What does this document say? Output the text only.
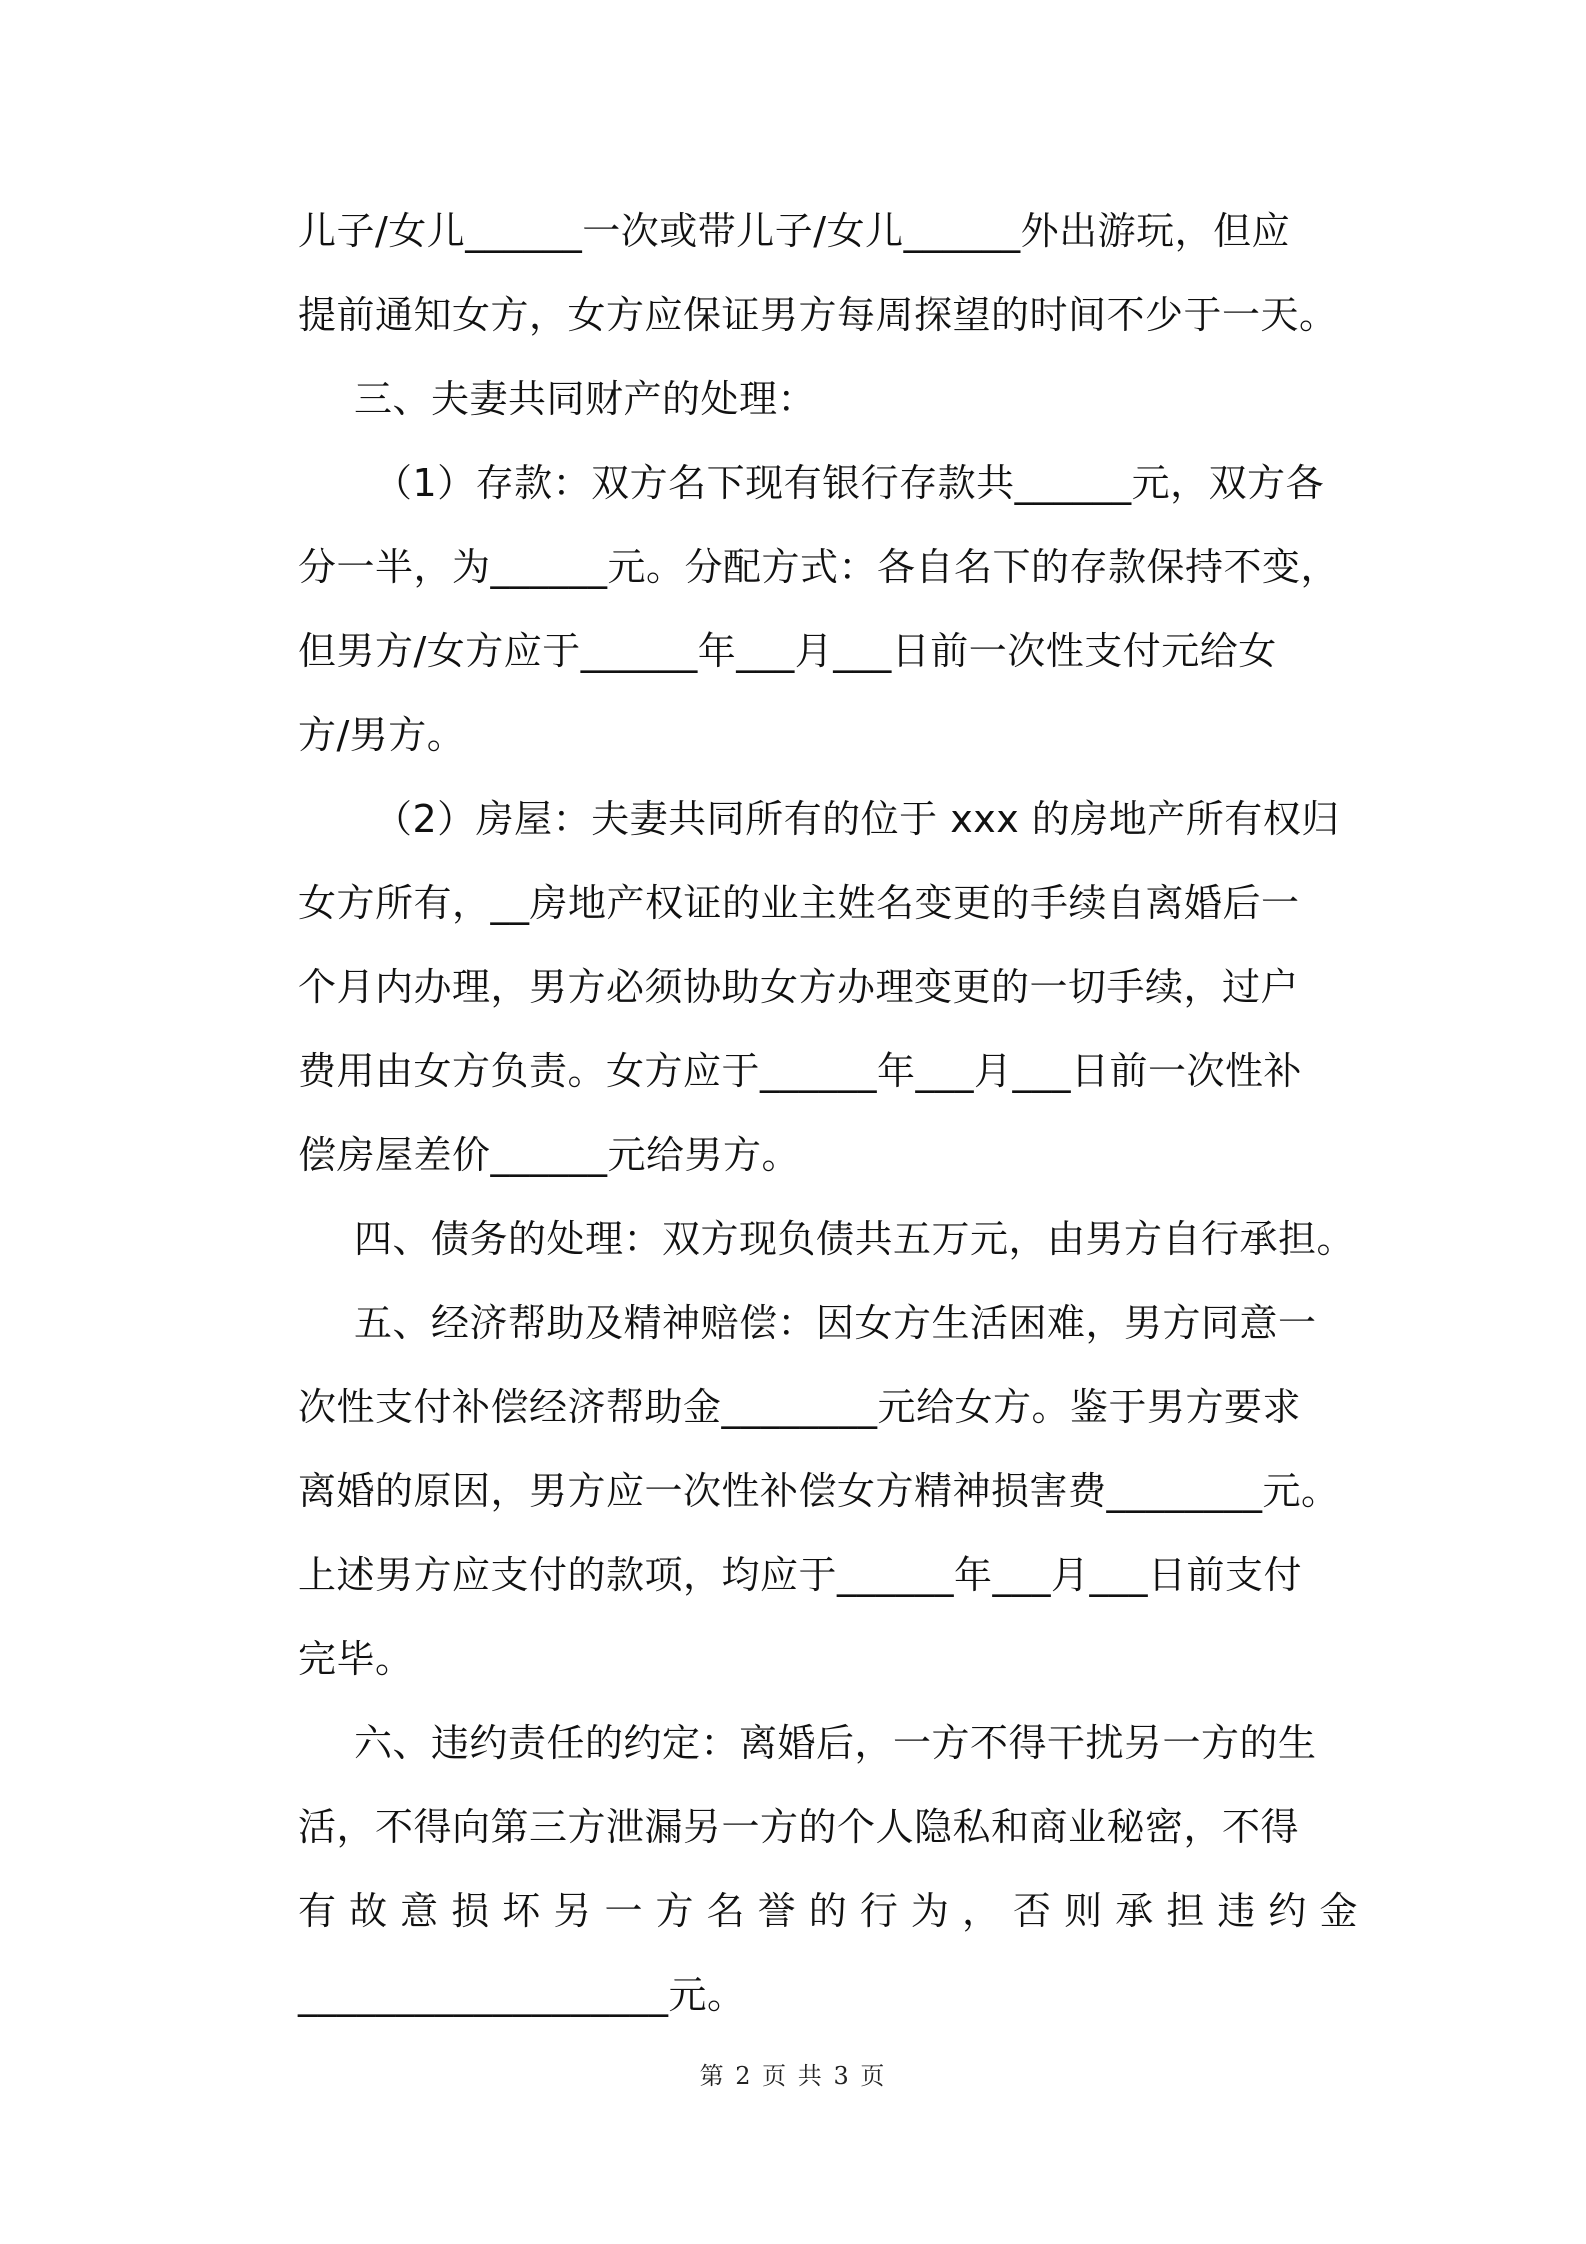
儿子/女儿______一次或带儿子/女儿______外出游玩，但应
提前通知女方，女方应保证男方每周探望的时间不少于一天。
三、夫妻共同财产的处理：
（1）存款：双方名下现有银行存款共______元，双方各
分一半，为______元。分配方式：各自名下的存款保持不变，
但男方/女方应于______年___月___日前一次性支付元给女
方/男方。
（2）房屋：夫妻共同所有的位于 xxx 的房地产所有权归
女方所有，__房地产权证的业主姓名变更的手续自离婚后一
个月内办理，男方必须协助女方办理变更的一切手续，过户
费用由女方负责。女方应于______年___月___日前一次性补
偿房屋差价______元给男方。
四、债务的处理：双方现负债共五万元，由男方自行承担。
五、经济帮助及精神赔偿：因女方生活困难，男方同意一
次性支付补偿经济帮助金________元给女方。鉴于男方要求
离婚的原因，男方应一次性补偿女方精神损害费________元。
上述男方应支付的款项，均应于______年___月___日前支付
完毕。
六、违约责任的约定：离婚后，一方不得干扰另一方的生
活，不得向第三方泄漏另一方的个人隐私和商业秘密，不得
有故意损坏另一方名誉的行为，否则承担违约金
___________________元。
第 2 页 共 3 页
